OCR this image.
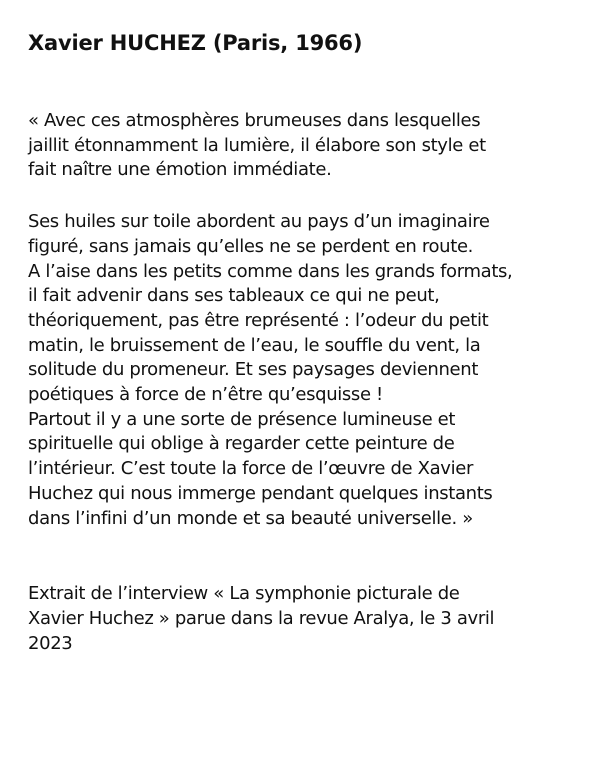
Xavier HUCHEZ (Paris, 1966)

« Avec ces atmosphères brumeuses dans lesquelles
jaillit étonnamment la lumière, il élabore son style et
fait naître une émotion immédiate.

Ses huiles sur toile abordent au pays d’un imaginaire
figuré, sans jamais qu’elles ne se perdent en route.
A l’aise dans les petits comme dans les grands formats,
il fait advenir dans ses tableaux ce qui ne peut,
théoriquement, pas être représenté : l’odeur du petit
matin, le bruissement de l’eau, le souffle du vent, la
solitude du promeneur. Et ses paysages deviennent
poétiques à force de n’être qu’esquisse !
Partout il y a une sorte de présence lumineuse et
spirituelle qui oblige à regarder cette peinture de
l’intérieur. C’est toute la force de l’œuvre de Xavier
Huchez qui nous immerge pendant quelques instants
dans l’infini d’un monde et sa beauté universelle. »

Extrait de l’interview « La symphonie picturale de
Xavier Huchez » parue dans la revue Aralya, le 3 avril
2023
